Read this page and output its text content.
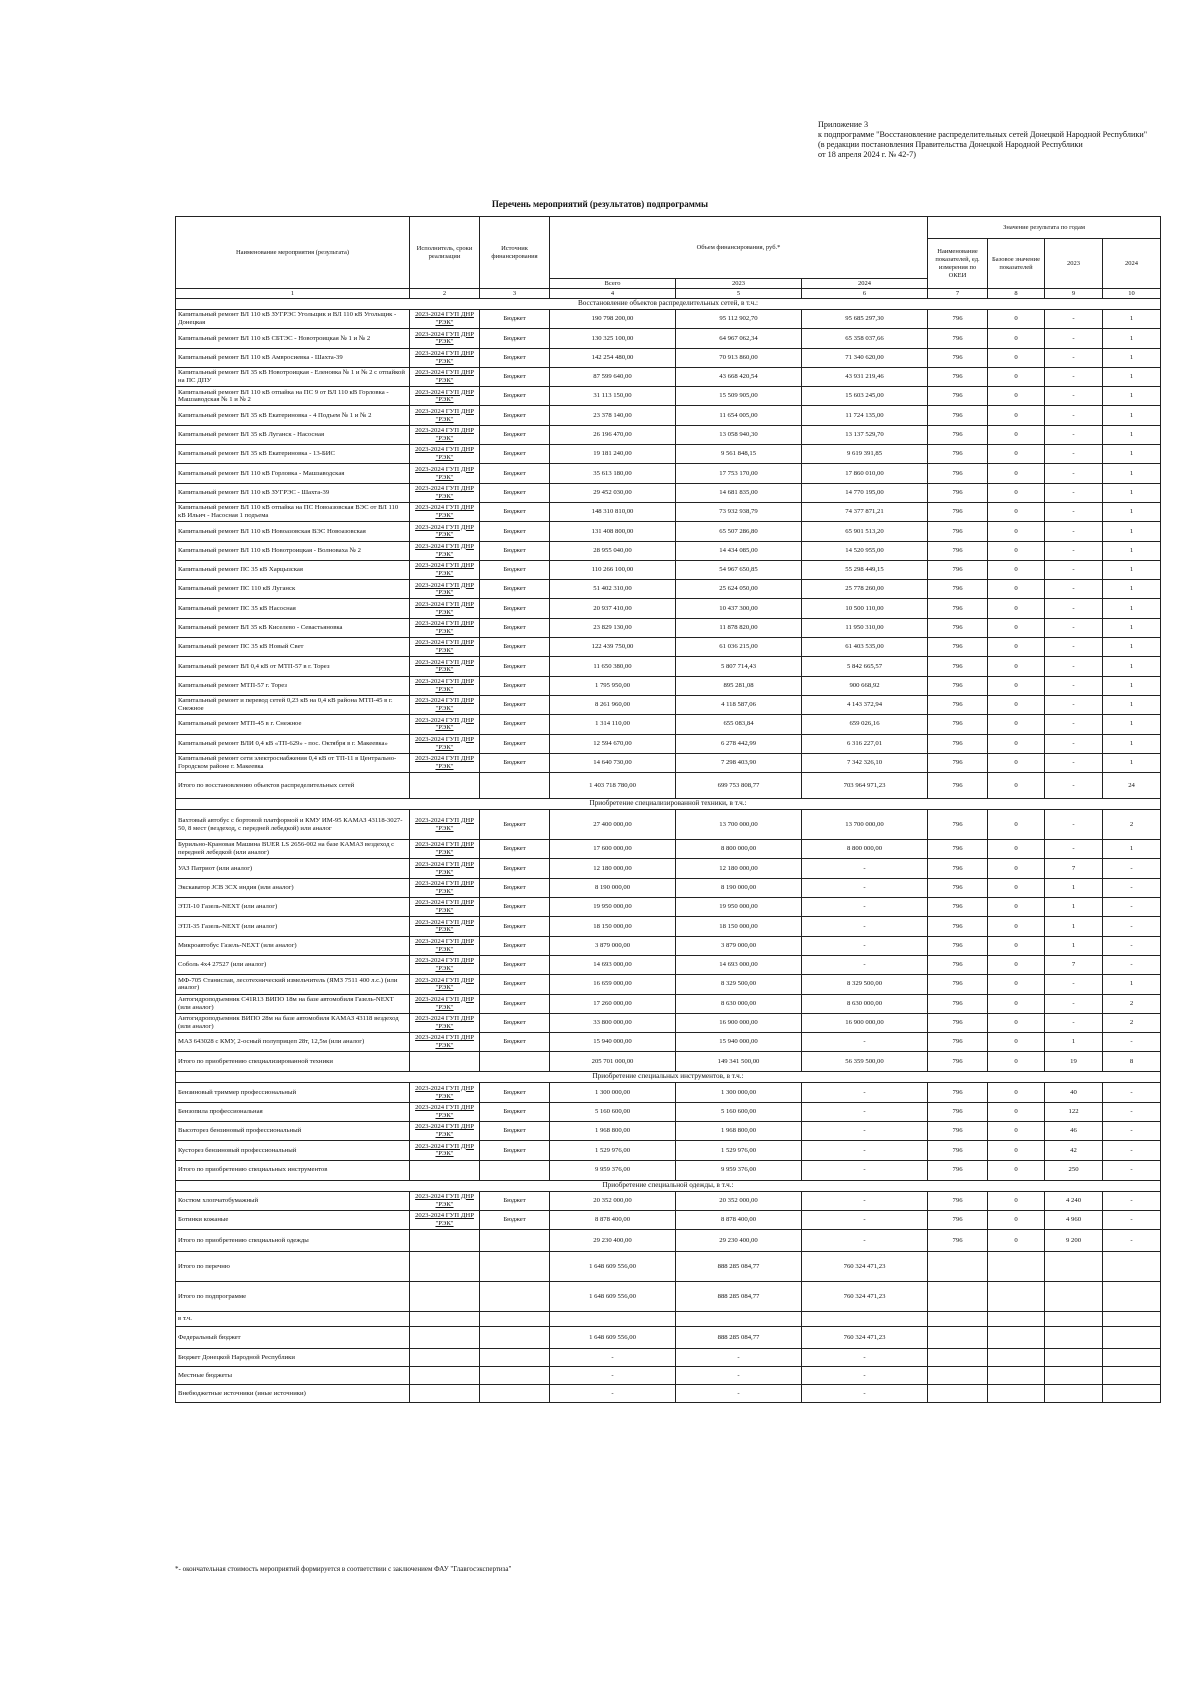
Приложение 3
к подпрограмме "Восстановление распределительных сетей Донецкой Народной Республики"
(в редакции постановления Правительства Донецкой Народной Республики
от 18 апреля 2024 г. № 42-7)
Перечень мероприятий (результатов) подпрограммы
Наименование мероприятия (результата)	Исполнитель, сроки реализации	Источник финансирования	Объем финансирования, руб.*			Значение результата по годам			
						Наименование показателей, ед. измерения по ОКЕИ	Базовое значение показателей	2023	2024
			Всего	2023	2024				
1	2	3	4	5	6	7	8	9	10
Восстановление объектов распределительных сетей, в т.ч.:									
Капитальный ремонт ВЛ 110 кВ ЗУГРЭС Угольщик и ВЛ 110 кВ Угольщик - Донецкая	2023-2024 ГУП ДНР "РЭК"	Бюджет	190 798 200,00	95 112 902,70	95 685 297,30	796	0	-	1
Капитальный ремонт ВЛ 110 кВ СБТЭС - Новотроицкая № 1 и № 2	2023-2024 ГУП ДНР "РЭК"	Бюджет	130 325 100,00	64 967 062,34	65 358 037,66	796	0	-	1
Капитальный ремонт ВЛ 110 кВ Амвросиевка - Шахта-39	2023-2024 ГУП ДНР "РЭК"	Бюджет	142 254 480,00	70 913 860,00	71 340 620,00	796	0	-	1
Капитальный ремонт ВЛ 35 кВ Новотроицкая - Еленовка № 1 и № 2 с отпайкой на ПС ДПУ	2023-2024 ГУП ДНР "РЭК"	Бюджет	87 599 640,00	43 668 420,54	43 931 219,46	796	0	-	1
Капитальный ремонт ВЛ 110 кВ отпайка на ПС 9 от ВЛ 110 кВ Горловка - Машзаводская № 1 и № 2	2023-2024 ГУП ДНР "РЭК"	Бюджет	31 113 150,00	15 509 905,00	15 603 245,00	796	0	-	1
Капитальный ремонт ВЛ 35 кВ Екатериновка - 4 Подъем № 1 и № 2	2023-2024 ГУП ДНР "РЭК"	Бюджет	23 378 140,00	11 654 005,00	11 724 135,00	796	0	-	1
Капитальный ремонт ВЛ 35 кВ Луганск - Насосная	2023-2024 ГУП ДНР "РЭК"	Бюджет	26 196 470,00	13 058 940,30	13 137 529,70	796	0	-	1
Капитальный ремонт ВЛ 35 кВ Екатериновка - 13-БИС	2023-2024 ГУП ДНР "РЭК"	Бюджет	19 181 240,00	9 561 848,15	9 619 391,85	796	0	-	1
Капитальный ремонт ВЛ 110 кВ Горловка - Машзаводская	2023-2024 ГУП ДНР "РЭК"	Бюджет	35 613 180,00	17 753 170,00	17 860 010,00	796	0	-	1
Капитальный ремонт ВЛ 110 кВ ЗУГРЭС - Шахта-39	2023-2024 ГУП ДНР "РЭК"	Бюджет	29 452 030,00	14 681 835,00	14 770 195,00	796	0	-	1
Капитальный ремонт ВЛ 110 кВ отпайка на ПС Новоазовская ВЭС от ВЛ 110 кВ Ильич - Насосная 1 подъема	2023-2024 ГУП ДНР "РЭК"	Бюджет	148 310 810,00	73 932 938,79	74 377 871,21	796	0	-	1
Капитальный ремонт ВЛ 110 кВ Новоазовская ВЭС Новоазовская	2023-2024 ГУП ДНР "РЭК"	Бюджет	131 408 800,00	65 507 286,80	65 901 513,20	796	0	-	1
Капитальный ремонт ВЛ 110 кВ Новотроицкая - Волноваха № 2	2023-2024 ГУП ДНР "РЭК"	Бюджет	28 955 040,00	14 434 085,00	14 520 955,00	796	0	-	1
Капитальный ремонт ПС 35 кВ Харцызская	2023-2024 ГУП ДНР "РЭК"	Бюджет	110 266 100,00	54 967 650,85	55 298 449,15	796	0	-	1
Капитальный ремонт ПС 110 кВ Луганск	2023-2024 ГУП ДНР "РЭК"	Бюджет	51 402 310,00	25 624 050,00	25 778 260,00	796	0	-	1
Капитальный ремонт ПС 35 кВ Насосная	2023-2024 ГУП ДНР "РЭК"	Бюджет	20 937 410,00	10 437 300,00	10 500 110,00	796	0	-	1
Капитальный ремонт ВЛ 35 кВ Киселево - Севастьяновка	2023-2024 ГУП ДНР "РЭК"	Бюджет	23 829 130,00	11 878 820,00	11 950 310,00	796	0	-	1
Капитальный ремонт ПС 35 кВ Новый Свет	2023-2024 ГУП ДНР "РЭК"	Бюджет	122 439 750,00	61 036 215,00	61 403 535,00	796	0	-	1
Капитальный ремонт ВЛ 0,4 кВ от МТП-57 в г. Торез	2023-2024 ГУП ДНР "РЭК"	Бюджет	11 650 380,00	5 807 714,43	5 842 665,57	796	0	-	1
Капитальный ремонт МТП-57 г. Торез	2023-2024 ГУП ДНР "РЭК"	Бюджет	1 795 950,00	895 281,08	900 668,92	796	0	-	1
Капитальный ремонт и перевод сетей 0,23 кВ на 0,4 кВ района МТП-45 в г. Снежное	2023-2024 ГУП ДНР "РЭК"	Бюджет	8 261 960,00	4 118 587,06	4 143 372,94	796	0	-	1
Капитальный ремонт МТП-45 в г. Снежное	2023-2024 ГУП ДНР "РЭК"	Бюджет	1 314 110,00	655 083,84	659 026,16	796	0	-	1
Капитальный ремонт ВЛИ 0,4 кВ «ТП-629» - пос. Октября в г. Макеевка»	2023-2024 ГУП ДНР "РЭК"	Бюджет	12 594 670,00	6 278 442,99	6 316 227,01	796	0	-	1
Капитальный ремонт сети электроснабжения 0,4 кВ от ТП-11 в Центрально-Городском районе г. Макеевка	2023-2024 ГУП ДНР "РЭК"	Бюджет	14 640 730,00	7 298 403,90	7 342 326,10	796	0	-	1
Итого по восстановлению объектов распределительных сетей			1 403 718 780,00	699 753 808,77	703 964 971,23	796	0	-	24
Приобретение специализированной техники, в т.ч.:									
Вахтовый автобус с бортовой платформой и КМУ ИМ-95 КАМАЗ 43118-3027-50, 8 мест (вездеход, с передней лебедкой) или аналог	2023-2024 ГУП ДНР "РЭК"	Бюджет	27 400 000,00	13 700 000,00	13 700 000,00	796	0	-	2
Бурильно-Крановая Машина BUER LS 2656-002 на базе КАМАЗ вездеход с передней лебедкой (или аналог)	2023-2024 ГУП ДНР "РЭК"	Бюджет	17 600 000,00	8 800 000,00	8 800 000,00	796	0	-	1
УАЗ Патриот (или аналог)	2023-2024 ГУП ДНР "РЭК"	Бюджет	12 180 000,00	12 180 000,00	-	796	0	7	-
Экскаватор JCB 3CX индия (или аналог)	2023-2024 ГУП ДНР "РЭК"	Бюджет	8 190 000,00	8 190 000,00	-	796	0	1	-
ЭТЛ-10 Газель-NEXT (или аналог)	2023-2024 ГУП ДНР "РЭК"	Бюджет	19 950 000,00	19 950 000,00	-	796	0	1	-
ЭТЛ-35 Газель-NEXT (или аналог)	2023-2024 ГУП ДНР "РЭК"	Бюджет	18 150 000,00	18 150 000,00	-	796	0	1	-
Микроавтобус Газель-NEXT (или аналог)	2023-2024 ГУП ДНР "РЭК"	Бюджет	3 879 000,00	3 879 000,00	-	796	0	1	-
Соболь 4х4 27527 (или аналог)	2023-2024 ГУП ДНР "РЭК"	Бюджет	14 693 000,00	14 693 000,00	-	796	0	7	-
МФ-705 Станислав, лесотехнический измельчитель (ЯМЗ 7511 400 л.с.) (или аналог)	2023-2024 ГУП ДНР "РЭК"	Бюджет	16 659 000,00	8 329 500,00	8 329 500,00	796	0	-	1
Автогидроподъемник С41R13 ВИПО 18м на базе автомобиля Газель-NEXT (или аналог)	2023-2024 ГУП ДНР "РЭК"	Бюджет	17 260 000,00	8 630 000,00	8 630 000,00	796	0	-	2
Автогидроподъемник ВИПО 28м на базе автомобиля КАМАЗ 43118 вездеход (или аналог)	2023-2024 ГУП ДНР "РЭК"	Бюджет	33 800 000,00	16 900 000,00	16 900 000,00	796	0	-	2
МАЗ 643028 с КМУ, 2-осный полуприцеп 28т, 12,5м (или аналог)	2023-2024 ГУП ДНР "РЭК"	Бюджет	15 940 000,00	15 940 000,00	-	796	0	1	-
Итого по приобретению специализированной техники			205 701 000,00	149 341 500,00	56 359 500,00	796	0	19	8
Приобретение специальных инструментов, в т.ч.:									
Бензиновый триммер профессиональный	2023-2024 ГУП ДНР "РЭК"	Бюджет	1 300 000,00	1 300 000,00	-	796	0	40	-
Бензопила профессиональная	2023-2024 ГУП ДНР "РЭК"	Бюджет	5 160 600,00	5 160 600,00	-	796	0	122	-
Высоторез бензиновый профессиональный	2023-2024 ГУП ДНР "РЭК"	Бюджет	1 968 800,00	1 968 800,00	-	796	0	46	-
Кусторез бензиновый профессиональный	2023-2024 ГУП ДНР "РЭК"	Бюджет	1 529 976,00	1 529 976,00	-	796	0	42	-
Итого по приобретению специальных инструментов			9 959 376,00	9 959 376,00	-	796	0	250	-
Приобретение специальной одежды, в т.ч.:									
Костюм хлопчатобумажный	2023-2024 ГУП ДНР "РЭК"	Бюджет	20 352 000,00	20 352 000,00	-	796	0	4 240	-
Ботинки кожаные	2023-2024 ГУП ДНР "РЭК"	Бюджет	8 878 400,00	8 878 400,00	-	796	0	4 960	-
Итого по приобретению специальной одежды			29 230 400,00	29 230 400,00	-	796	0	9 200	-
Итого по перечню			1 648 609 556,00	888 285 084,77	760 324 471,23				
Итого по подпрограмме			1 648 609 556,00	888 285 084,77	760 324 471,23				
в т.ч.									
Федеральный бюджет			1 648 609 556,00	888 285 084,77	760 324 471,23				
Бюджет Донецкой Народной Республики			-	-	-				
Местные бюджеты			-	-	-				
Внебюджетные источники (иные источники)			-	-	-				
*- окончательная стоимость мероприятий формируется в соответствии с заключением ФАУ "Главгосэкспертиза"
